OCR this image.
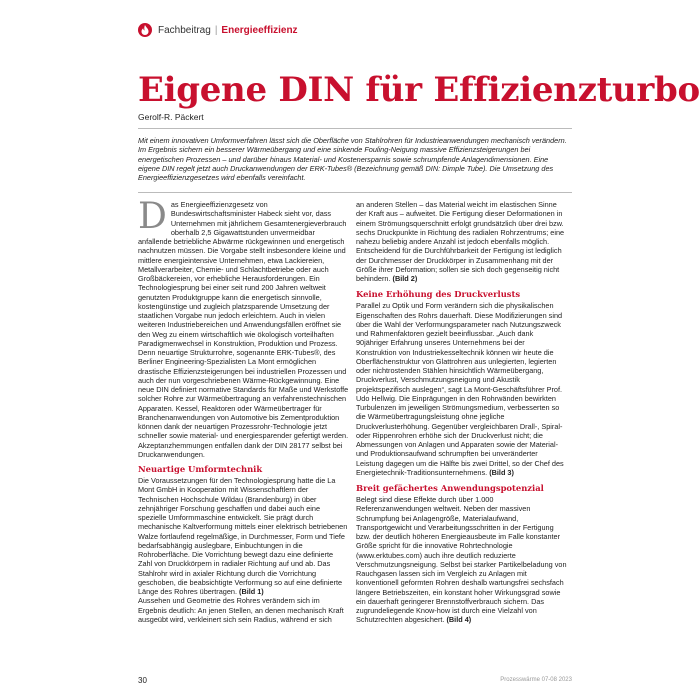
Fachbeitrag | Energieeffizienz
Eigene DIN für Effizienzturbo
Gerolf-R. Päckert

Mit einem innovativen Umformverfahren lässt sich die Oberfläche von Stahlrohren für Industrieanwendungen mechanisch verändern. Im Ergebnis sichern ein besserer Wärmeübergang und eine sinkende Fouling-Neigung massive Effizienzsteigerungen bei energetischen Prozessen – und darüber hinaus Material- und Kostenersparnis sowie schrumpfende Anlagendimensionen. Eine eigene DIN regelt jetzt auch Druckanwendungen der ERK-Tubes® (Bezeichnung gemäß DIN: Dimple Tube). Die Umsetzung des Energieeffizienzgesetzes wird ebenfalls vereinfacht.

D as Energieeffizienzgesetz von Bundeswirtschaftsminister Habeck sieht vor, dass Unternehmen mit jährlichem Gesamtenergieverbrauch oberhalb 2,5 Gigawattstunden unvermeidbar anfallende betriebliche Abwärme rückgewinnen und energetisch nachnutzen müssen. Die Vorgabe stellt insbesondere kleine und mittlere energieintensive Unternehmen, etwa Lackiereien, Metallverarbeiter, Chemie- und Schlachtbetriebe oder auch Großbäckereien, vor erhebliche Herausforderungen. Ein Technologiesprung bei einer seit rund 200 Jahren weltweit genutzten Produktgruppe kann die energetisch sinnvolle, kostengünstige und zugleich platzsparende Umsetzung der staatlichen Vorgabe nun jedoch erleichtern. Auch in vielen weiteren Industriebereichen und Anwendungsfällen eröffnet sie den Weg zu einem wirtschaftlich wie ökologisch vorteilhaften Paradigmenwechsel in Konstruktion, Produktion und Prozess.

Denn neuartige Strukturrohre, sogenannte ERK-Tubes®, des Berliner Engineering-Spezialisten La Mont ermöglichen drastische Effizienzsteigerungen bei industriellen Prozessen und auch der nun vorgeschriebenen Wärme-Rückgewinnung. Eine neue DIN definiert normative Standards für Maße und Werkstoffe solcher Rohre zur Wärmeübertragung an verfahrenstechnischen Apparaten. Kessel, Reaktoren oder Wärmeübertrager für Branchenanwendungen von Automotive bis Zementproduktion können dank der neuartigen Prozessrohr-Technologie jetzt schneller sowie material- und energiesparender gefertigt werden. Akzeptanzhemmungen entfallen dank der DIN 28177 selbst bei Druckanwendungen.

Neuartige Umformtechnik

Die Voraussetzungen für den Technologiesprung hatte die La Mont GmbH in Kooperation mit Wissenschaftlern der Technischen Hochschule Wildau (Brandenburg) in über zehnjähriger Forschung geschaffen und dabei auch eine spezielle Umformmaschine entwickelt. Sie prägt durch mechanische Kaltverformung mittels einer elektrisch betriebenen Walze fortlaufend regelmäßige, in Durchmesser, Form und Tiefe bedarfsabhängig auslegbare, Einbuchtungen in die Rohroberfläche. Die Vorrichtung bewegt dazu eine definierte Zahl von Druckkörpern in radialer Richtung auf und ab. Das Stahlrohr wird in axialer Richtung durch die Vorrichtung geschoben, die beabsichtigte Verformung so auf eine definierte Länge des Rohres übertragen. (Bild 1)

Aussehen und Geometrie des Rohres verändern sich im Ergebnis deutlich: An jenen Stellen, an denen mechanisch Kraft ausgeübt wird, verkleinert sich sein Radius, während er sich

an anderen Stellen – das Material weicht im elastischen Sinne der Kraft aus – aufweitet. Die Fertigung dieser Deformationen in einem Strömungsquerschnitt erfolgt grundsätzlich über drei bzw. sechs Druckpunkte in Richtung des radialen Rohrzentrums; eine nahezu beliebig andere Anzahl ist jedoch ebenfalls möglich. Entscheidend für die Durchführbarkeit der Fertigung ist lediglich der Durchmesser der Druckkörper in Zusammenhang mit der Größe ihrer Deformation; sollen sie sich doch gegenseitig nicht behindern. (Bild 2)

Keine Erhöhung des Druckverlusts

Parallel zu Optik und Form verändern sich die physikalischen Eigenschaften des Rohrs dauerhaft. Diese Modifizierungen sind über die Wahl der Verformungsparameter nach Nutzungszweck und Rahmenfaktoren gezielt beeinflussbar. „Auch dank 90jähriger Erfahrung unseres Unternehmens bei der Konstruktion von Industriekesseltechnik können wir heute die Oberflächenstruktur von Glattrohren aus unlegierten, legierten oder nichtrostenden Stählen hinsichtlich Wärmeübergang, Druckverlust, Verschmutzungsneigung und Akustik projektspezifisch auslegen“, sagt La Mont-Geschäftsführer Prof. Udo Hellwig. Die Einprägungen in den Rohrwänden bewirkten Turbulenzen im jeweiligen Strömungsmedium, verbesserten so die Wärmeübertragungsleistung ohne jegliche Druckverlusterhöhung. Gegenüber vergleichbaren Drall-, Spiral- oder Rippenrohren erhöhe sich der Druckverlust nicht; die Abmessungen von Anlagen und Apparaten sowie der Material- und Produktionsaufwand schrumpften bei unveränderter Leistung dagegen um die Hälfte bis zwei Drittel, so der Chef des Energietechnik-Traditionsunternehmens. (Bild 3)

Breit gefächertes Anwendungspotenzial

Belegt sind diese Effekte durch über 1.000 Referenzanwendungen weltweit. Neben der massiven Schrumpfung bei Anlagengröße, Materialaufwand, Transportgewicht und Verarbeitungsschritten in der Fertigung bzw. der deutlich höheren Energieausbeute im Falle konstanter Größe spricht für die innovative Rohrtechnologie (www.erktubes.com) auch ihre deutlich reduzierte Verschmutzungsneigung. Selbst bei starker Partikelbeladung von Rauchgasen lassen sich im Vergleich zu Anlagen mit konventionell geformten Rohren deshalb wartungsfrei sechsfach längere Betriebszeiten, ein konstant hoher Wirkungsgrad sowie ein dauerhaft geringerer Brennstoffverbrauch sichern. Das zugrundeliegende Know-how ist durch eine Vielzahl von Schutzrechten abgesichert. (Bild 4)

30	Prozesswärme 07-08 2023
